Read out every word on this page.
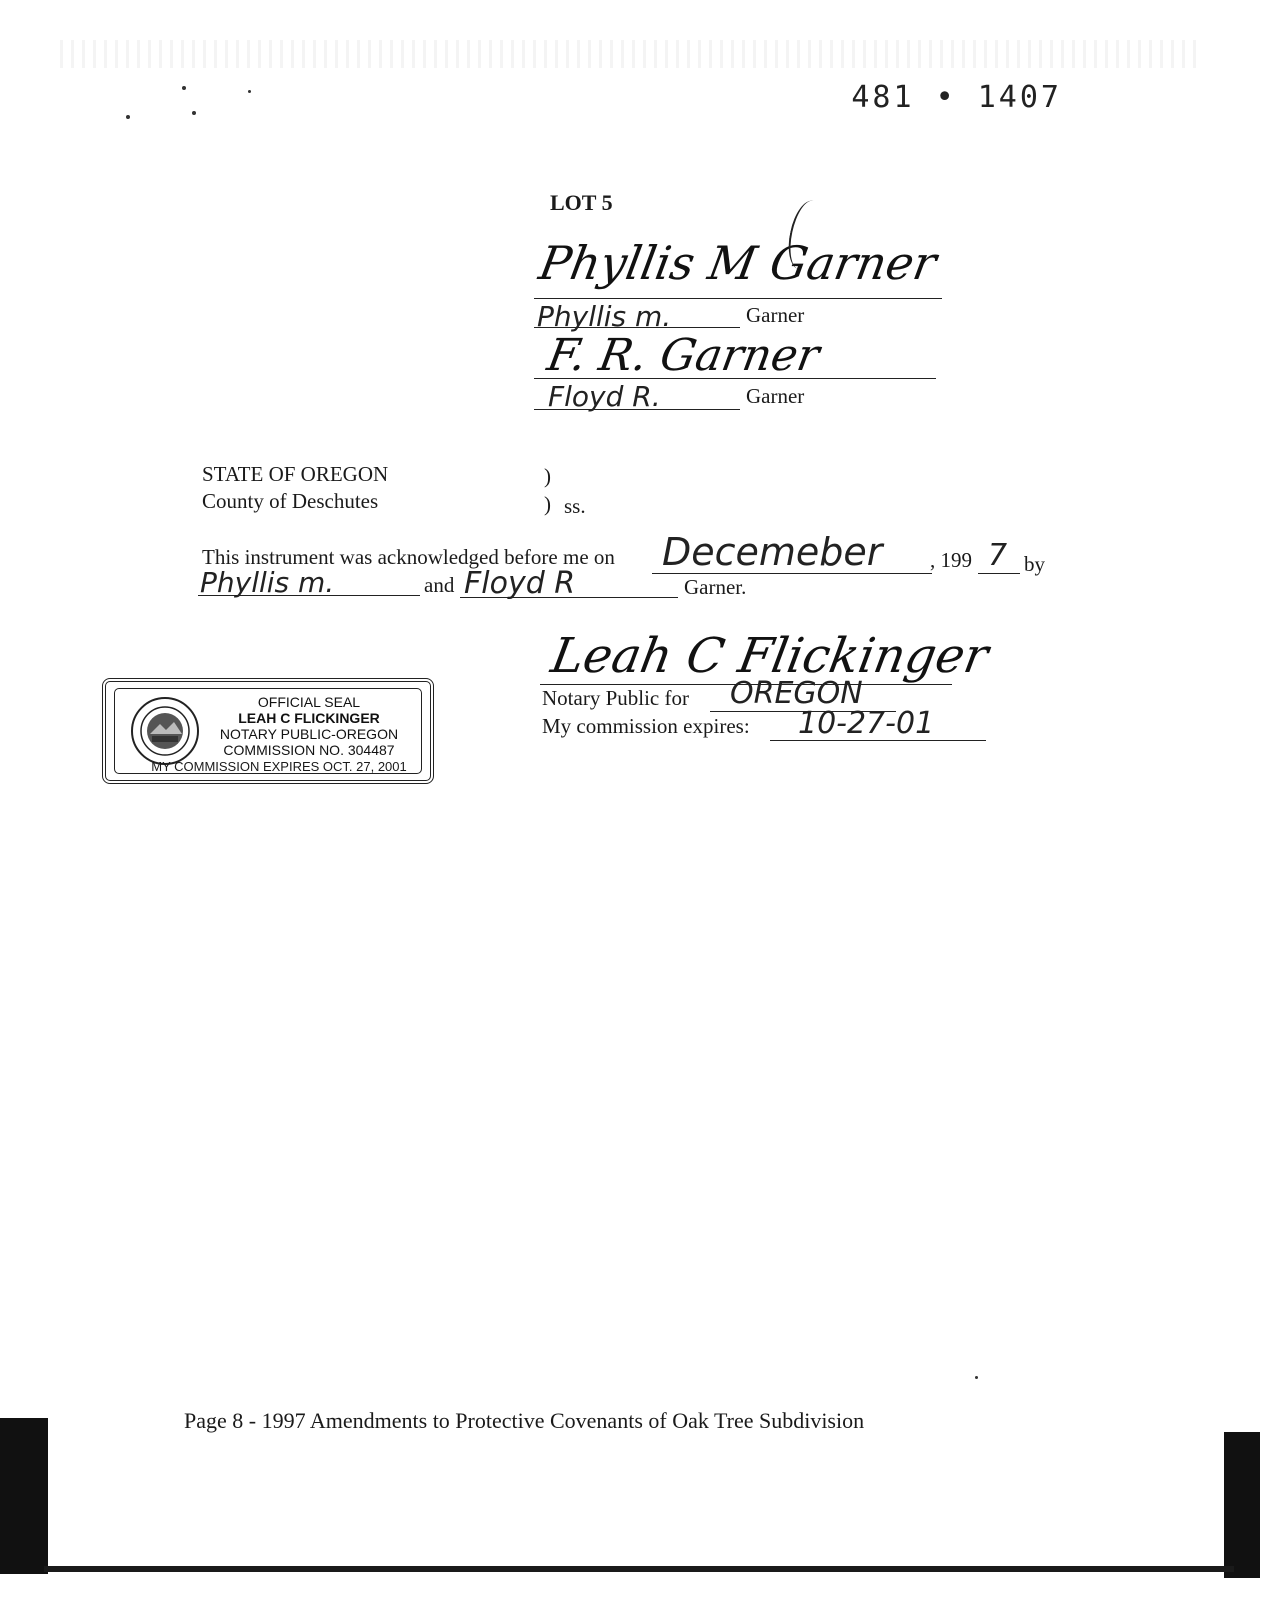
481 • 1407
LOT 5
Phyllis M Garner
Phyllis m.	Garner
F. R. Garner
Floyd R.	Garner
STATE OF OREGON
County of Deschutes
)
) ss.
This instrument was acknowledged before me on Decemeber , 199 7 by
Phyllis m.	and Floyd R	Garner.
Leah C Flickinger
Notary Public for OREGON
My commission expires: 10-27-01
OFFICIAL SEAL
LEAH C FLICKINGER
NOTARY PUBLIC-OREGON
COMMISSION NO. 304487
MY COMMISSION EXPIRES OCT. 27, 2001
Page 8 - 1997 Amendments to Protective Covenants of Oak Tree Subdivision
